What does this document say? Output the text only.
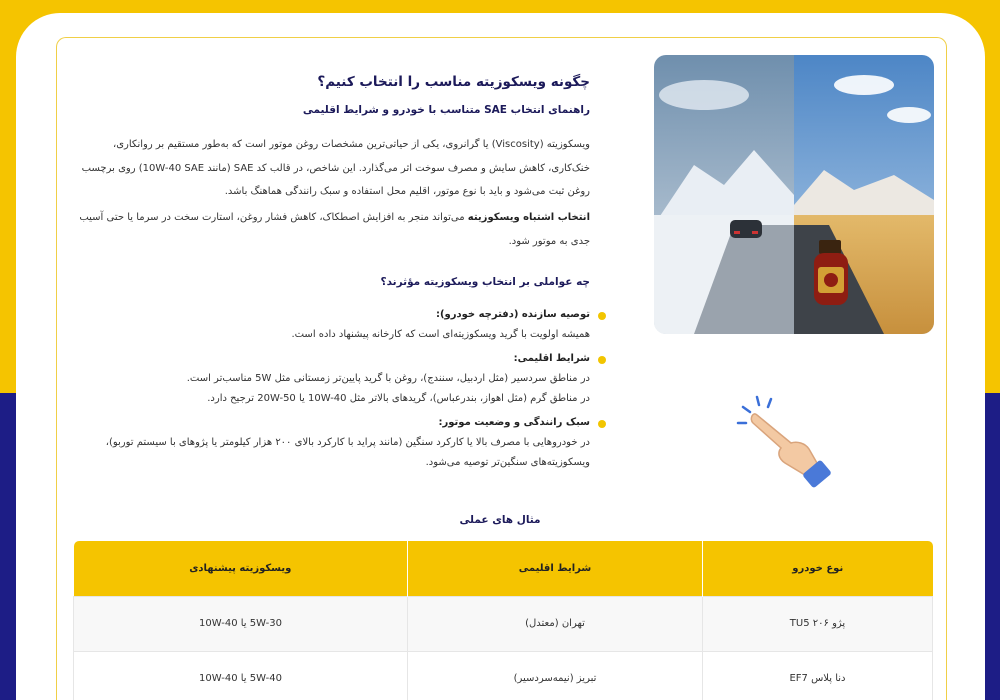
چگونه ویسکوزیته مناسب را انتخاب کنیم؟
راهنمای انتخاب SAE متناسب با خودرو و شرایط اقلیمی
ویسکوزیته (Viscosity) یا گرانروی، یکی از حیاتی‌ترین مشخصات روغن موتور است که به‌طور مستقیم بر روانکاری، خنک‌کاری، کاهش سایش و مصرف سوخت اثر می‌گذارد. این شاخص، در قالب کد SAE (مانند 10W-40 SAE) روی برچسب روغن ثبت می‌شود و باید با نوع موتور، اقلیم محل استفاده و سبک رانندگی هماهنگ باشد.
انتخاب اشتباه ویسکوزیته می‌تواند منجر به افزایش اصطکاک، کاهش فشار روغن، استارت سخت در سرما یا حتی آسیب جدی به موتور شود.
چه عواملی بر انتخاب ویسکوزیته مؤثرند؟
توصیه سازنده (دفترچه خودرو):
همیشه اولویت با گرید ویسکوزیته‌ای است که کارخانه پیشنهاد داده است.
شرایط اقلیمی:
در مناطق سردسیر (مثل اردبیل، سنندج)، روغن با گرید پایین‌تر زمستانی مثل 5W مناسب‌تر است.
در مناطق گرم (مثل اهواز، بندرعباس)، گریدهای بالاتر مثل 10W-40 یا 20W-50 ترجیح دارد.
سبک رانندگی و وضعیت موتور:
در خودروهایی با مصرف بالا یا کارکرد سنگین (مانند پراید با کارکرد بالای ۲۰۰ هزار کیلومتر یا پژوهای با سیستم توربو)، ویسکوزیته‌های سنگین‌تر توصیه می‌شود.
مثال های عملی
نوع خودرو	شرایط اقلیمی	ویسکوزیته پیشنهادی
پژو ۲۰۶ TU5	تهران (معتدل)	5W-30 یا 10W-40
دنا پلاس EF7	تبریز (نیمه‌سردسیر)	5W-40 یا 10W-40
